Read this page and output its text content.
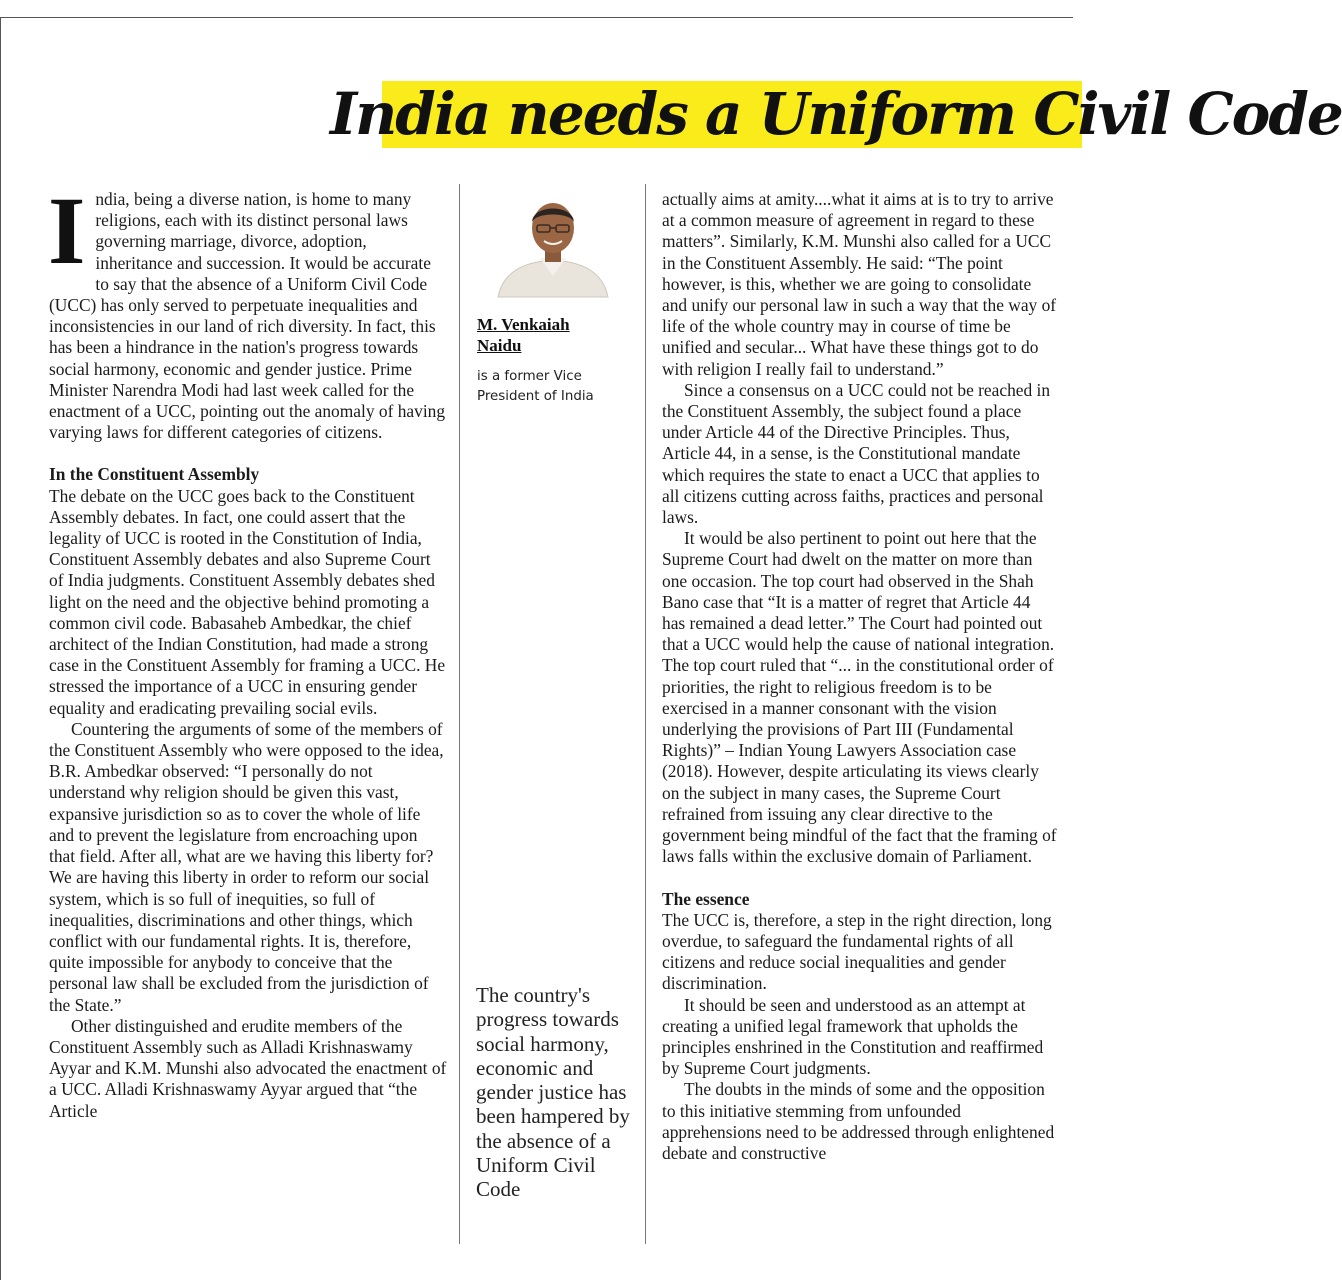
India needs a Uniform Civil Code

India, being a diverse nation, is home to many religions, each with its distinct personal laws governing marriage, divorce, adoption, inheritance and succession. It would be accurate to say that the absence of a Uniform Civil Code (UCC) has only served to perpetuate inequalities and inconsistencies in our land of rich diversity. In fact, this has been a hindrance in the nation's progress towards social harmony, economic and gender justice. Prime Minister Narendra Modi had last week called for the enactment of a UCC, pointing out the anomaly of having varying laws for different categories of citizens.

In the Constituent Assembly

The debate on the UCC goes back to the Constituent Assembly debates. In fact, one could assert that the legality of UCC is rooted in the Constitution of India, Constituent Assembly debates and also Supreme Court of India judgments. Constituent Assembly debates shed light on the need and the objective behind promoting a common civil code. Babasaheb Ambedkar, the chief architect of the Indian Constitution, had made a strong case in the Constituent Assembly for framing a UCC. He stressed the importance of a UCC in ensuring gender equality and eradicating prevailing social evils.

Countering the arguments of some of the members of the Constituent Assembly who were opposed to the idea, B.R. Ambedkar observed: “I personally do not understand why religion should be given this vast, expansive jurisdiction so as to cover the whole of life and to prevent the legislature from encroaching upon that field. After all, what are we having this liberty for? We are having this liberty in order to reform our social system, which is so full of inequities, so full of inequalities, discriminations and other things, which conflict with our fundamental rights. It is, therefore, quite impossible for anybody to conceive that the personal law shall be excluded from the jurisdiction of the State.”

Other distinguished and erudite members of the Constituent Assembly such as Alladi Krishnaswamy Ayyar and K.M. Munshi also advocated the enactment of a UCC. Alladi Krishnaswamy Ayyar argued that “the Article

M. Venkaiah Naidu
is a former Vice President of India
The country's progress towards social harmony, economic and gender justice has been hampered by the absence of a Uniform Civil Code

actually aims at amity....what it aims at is to try to arrive at a common measure of agreement in regard to these matters”. Similarly, K.M. Munshi also called for a UCC in the Constituent Assembly. He said: “The point however, is this, whether we are going to consolidate and unify our personal law in such a way that the way of life of the whole country may in course of time be unified and secular... What have these things got to do with religion I really fail to understand.”

Since a consensus on a UCC could not be reached in the Constituent Assembly, the subject found a place under Article 44 of the Directive Principles. Thus, Article 44, in a sense, is the Constitutional mandate which requires the state to enact a UCC that applies to all citizens cutting across faiths, practices and personal laws.

It would be also pertinent to point out here that the Supreme Court had dwelt on the matter on more than one occasion. The top court had observed in the Shah Bano case that “It is a matter of regret that Article 44 has remained a dead letter.” The Court had pointed out that a UCC would help the cause of national integration. The top court ruled that “... in the constitutional order of priorities, the right to religious freedom is to be exercised in a manner consonant with the vision underlying the provisions of Part III (Fundamental Rights)” – Indian Young Lawyers Association case (2018). However, despite articulating its views clearly on the subject in many cases, the Supreme Court refrained from issuing any clear directive to the government being mindful of the fact that the framing of laws falls within the exclusive domain of Parliament.

The essence

The UCC is, therefore, a step in the right direction, long overdue, to safeguard the fundamental rights of all citizens and reduce social inequalities and gender discrimination.

It should be seen and understood as an attempt at creating a unified legal framework that upholds the principles enshrined in the Constitution and reaffirmed by Supreme Court judgments.

The doubts in the minds of some and the opposition to this initiative stemming from unfounded apprehensions need to be addressed through enlightened debate and constructive
